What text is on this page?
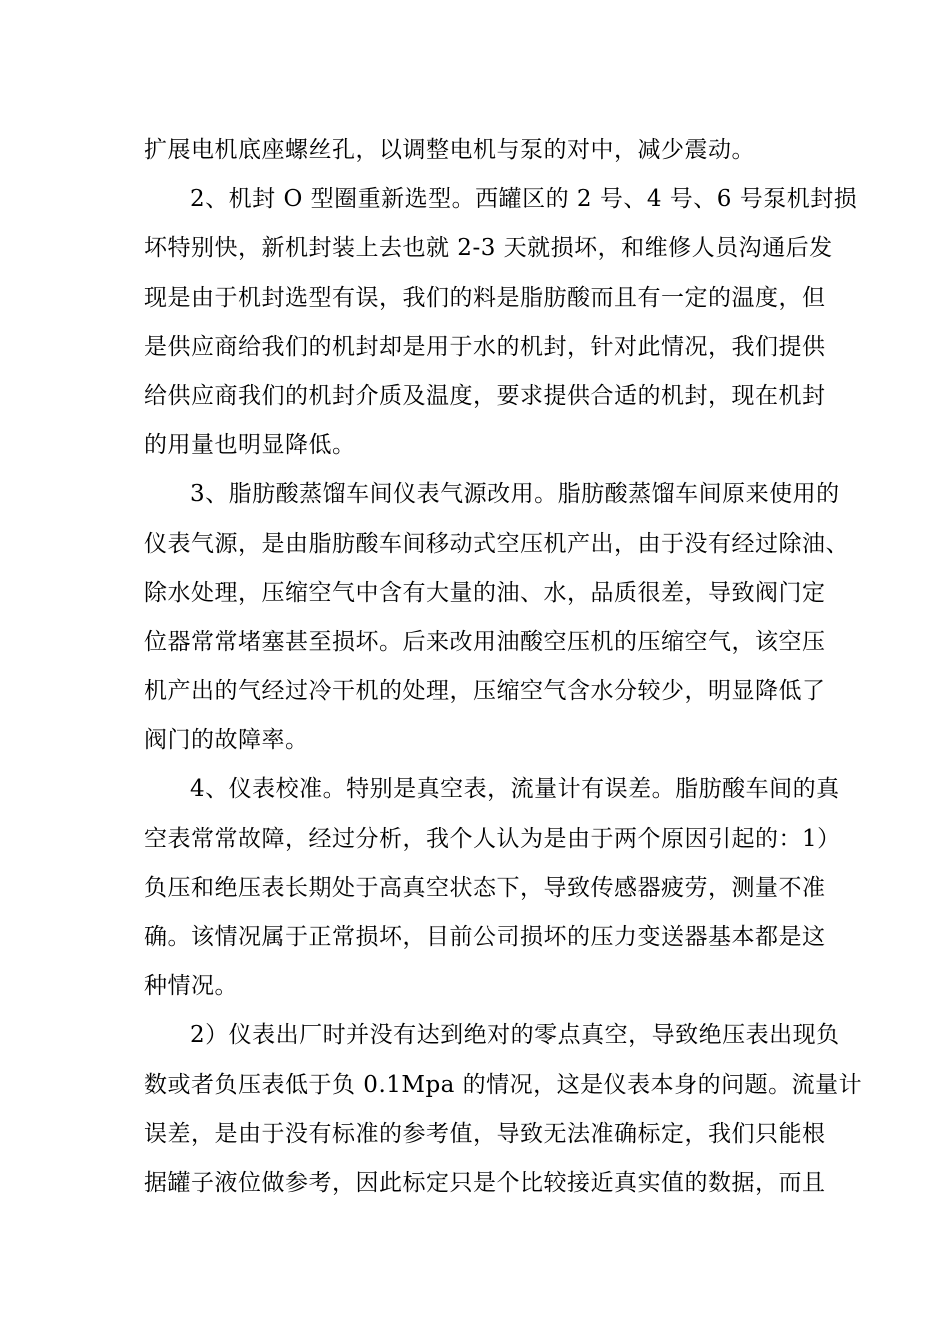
扩展电机底座螺丝孔，以调整电机与泵的对中，减少震动。
2、机封 O 型圈重新选型。西罐区的 2 号、4 号、6 号泵机封损
坏特别快，新机封装上去也就 2-3 天就损坏，和维修人员沟通后发
现是由于机封选型有误，我们的料是脂肪酸而且有一定的温度，但
是供应商给我们的机封却是用于水的机封，针对此情况，我们提供
给供应商我们的机封介质及温度，要求提供合适的机封，现在机封
的用量也明显降低。
3、脂肪酸蒸馏车间仪表气源改用。脂肪酸蒸馏车间原来使用的
仪表气源，是由脂肪酸车间移动式空压机产出，由于没有经过除油、
除水处理，压缩空气中含有大量的油、水，品质很差，导致阀门定
位器常常堵塞甚至损坏。后来改用油酸空压机的压缩空气，该空压
机产出的气经过冷干机的处理，压缩空气含水分较少，明显降低了
阀门的故障率。
4、仪表校准。特别是真空表，流量计有误差。脂肪酸车间的真
空表常常故障，经过分析，我个人认为是由于两个原因引起的：1）
负压和绝压表长期处于高真空状态下，导致传感器疲劳，测量不准
确。该情况属于正常损坏，目前公司损坏的压力变送器基本都是这
种情况。
2）仪表出厂时并没有达到绝对的零点真空，导致绝压表出现负
数或者负压表低于负 0.1Mpa 的情况，这是仪表本身的问题。流量计
误差，是由于没有标准的参考值，导致无法准确标定，我们只能根
据罐子液位做参考，因此标定只是个比较接近真实值的数据，而且
